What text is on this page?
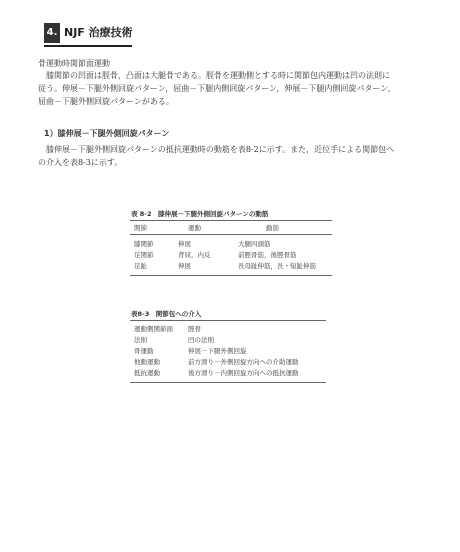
4. NJF 治療技術
骨運動時関節面運動
膝関節の凹面は脛骨，凸面は大腿骨である。脛骨を運動側とする時に関節包内運動は凹の法則に
従う。伸展－下腿外側回旋パターン，屈曲－下腿内側回旋パターン，伸展－下腿内側回旋パターン，
屈曲－下腿外側回旋パターンがある。
1）膝伸展－下腿外側回旋パターン
膝伸展－下腿外側回旋パターンの抵抗運動時の動筋を表8-2に示す。また，近位手による関節包へ
の介入を表8-3に示す。
表 8-2　膝伸展－下腿外側回旋パターンの動筋
関節	運動	動筋
膝関節	伸展	大腿四頭筋
足関節	背屈，内反	前脛骨筋，後脛骨筋
足趾	伸展	長母趾伸筋，長・短趾伸筋
表8-3　関節包への介入
運動側関節面 脛骨
法則	凹の法則
骨運動	伸展－下腿外側回旋
他動運動	前方滑り－外側回旋方向への介助運動
抵抗運動	後方滑り－内側回旋方向への抵抗運動
